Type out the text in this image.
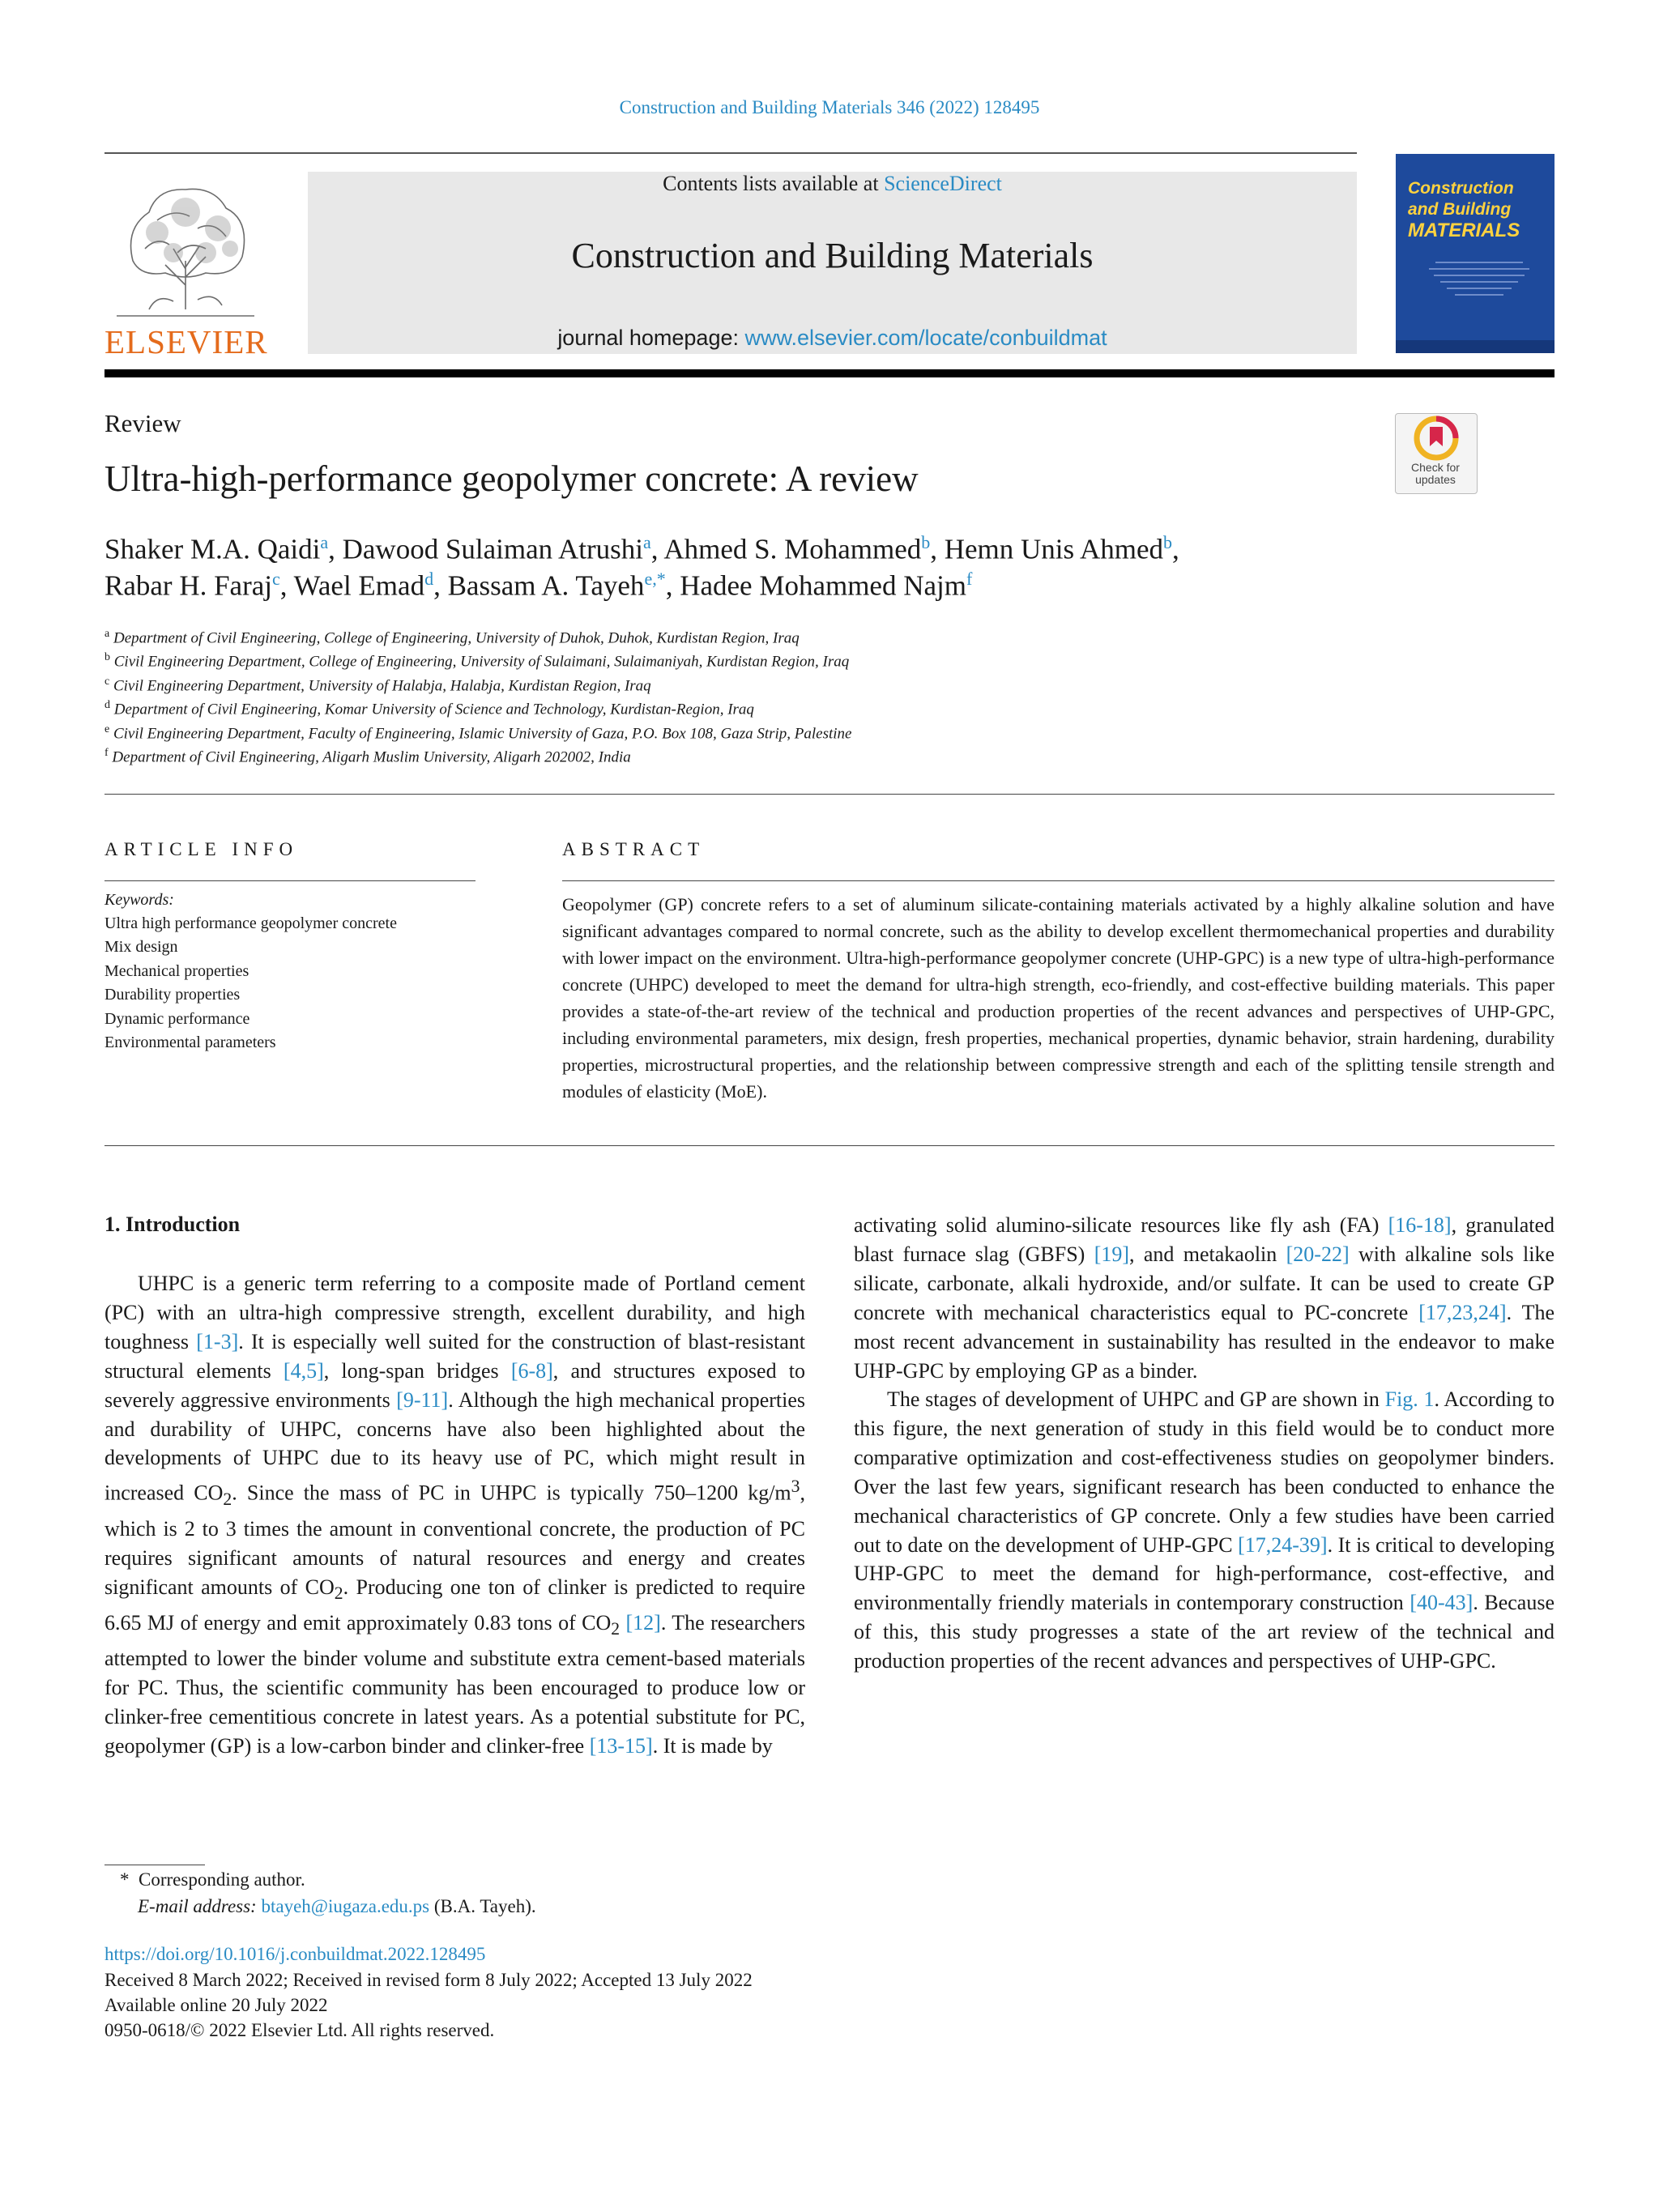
Construction and Building Materials 346 (2022) 128495
ELSEVIER
Contents lists available at ScienceDirect
Construction and Building Materials
journal homepage: www.elsevier.com/locate/conbuildmat
Construction
and Building
MATERIALS
Review
Ultra-high-performance geopolymer concrete: A review	Check for updates
Shaker M.A. Qaidi$^a$, Dawood Sulaiman Atrushi$^a$, Ahmed S. Mohammed$^b$, Hemn Unis Ahmed$^b$,
Rabar H. Faraj$^c$, Wael Emad$^d$, Bassam A. Tayeh$^{e,*}$, Hadee Mohammed Najm$^f$
$^a$ Department of Civil Engineering, College of Engineering, University of Duhok, Duhok, Kurdistan Region, Iraq
$^b$ Civil Engineering Department, College of Engineering, University of Sulaimani, Sulaimaniyah, Kurdistan Region, Iraq
$^c$ Civil Engineering Department, University of Halabja, Halabja, Kurdistan Region, Iraq
$^d$ Department of Civil Engineering, Komar University of Science and Technology, Kurdistan-Region, Iraq
$^e$ Civil Engineering Department, Faculty of Engineering, Islamic University of Gaza, P.O. Box 108, Gaza Strip, Palestine
$^f$ Department of Civil Engineering, Aligarh Muslim University, Aligarh 202002, India
ARTICLE INFO	ABSTRACT
Keywords:
Ultra high performance geopolymer concrete
Mix design
Mechanical properties
Durability properties
Dynamic performance
Environmental parameters
Geopolymer (GP) concrete refers to a set of aluminum silicate-containing materials activated by a highly alkaline solution and have significant advantages compared to normal concrete, such as the ability to develop excellent thermomechanical properties and durability with lower impact on the environment. Ultra-high-performance geopolymer concrete (UHP-GPC) is a new type of ultra-high-performance concrete (UHPC) developed to meet the demand for ultra-high strength, eco-friendly, and cost-effective building materials. This paper provides a state-of-the-art review of the technical and production properties of the recent advances and perspectives of UHP-GPC, including environmental parameters, mix design, fresh properties, mechanical properties, dynamic behavior, strain hardening, durability properties, microstructural properties, and the relationship between compressive strength and each of the splitting tensile strength and modules of elasticity (MoE).
1. Introduction
UHPC is a generic term referring to a composite made of Portland cement (PC) with an ultra-high compressive strength, excellent durability, and high toughness [1-3]. It is especially well suited for the construction of blast-resistant structural elements [4,5], long-span bridges [6-8], and structures exposed to severely aggressive environments [9-11]. Although the high mechanical properties and durability of UHPC, concerns have also been highlighted about the developments of UHPC due to its heavy use of PC, which might result in increased $CO_2$. Since the mass of PC in UHPC is typically 750–1200 $kg/m^3$, which is 2 to 3 times the amount in conventional concrete, the production of PC requires significant amounts of natural resources and energy and creates significant amounts of $CO_2$. Producing one ton of clinker is predicted to require 6.65 MJ of energy and emit approximately 0.83 tons of $CO_2$ [12]. The researchers attempted to lower the binder volume and substitute extra cement-based materials for PC. Thus, the scientific community has been encouraged to produce low or clinker-free cementitious concrete in latest years. As a potential substitute for PC, geopolymer (GP) is a low-carbon binder and clinker-free [13-15]. It is made by
activating solid alumino-silicate resources like fly ash (FA) [16-18], granulated blast furnace slag (GBFS) [19], and metakaolin [20-22] with alkaline sols like silicate, carbonate, alkali hydroxide, and/or sulfate. It can be used to create GP concrete with mechanical characteristics equal to PC-concrete [17,23,24]. The most recent advancement in sustainability has resulted in the endeavor to make UHP-GPC by employing GP as a binder.
The stages of development of UHPC and GP are shown in Fig. 1. According to this figure, the next generation of study in this field would be to conduct more comparative optimization and cost-effectiveness studies on geopolymer binders. Over the last few years, significant research has been conducted to enhance the mechanical characteristics of GP concrete. Only a few studies have been carried out to date on the development of UHP-GPC [17,24-39]. It is critical to developing UHP-GPC to meet the demand for high-performance, cost-effective, and environmentally friendly materials in contemporary construction [40-43]. Because of this, this study progresses a state of the art review of the technical and production properties of the recent advances and perspectives of UHP-GPC.
* Corresponding author.
E-mail address: btayeh@iugaza.edu.ps (B.A. Tayeh).
https://doi.org/10.1016/j.conbuildmat.2022.128495
Received 8 March 2022; Received in revised form 8 July 2022; Accepted 13 July 2022
Available online 20 July 2022
0950-0618/© 2022 Elsevier Ltd. All rights reserved.
